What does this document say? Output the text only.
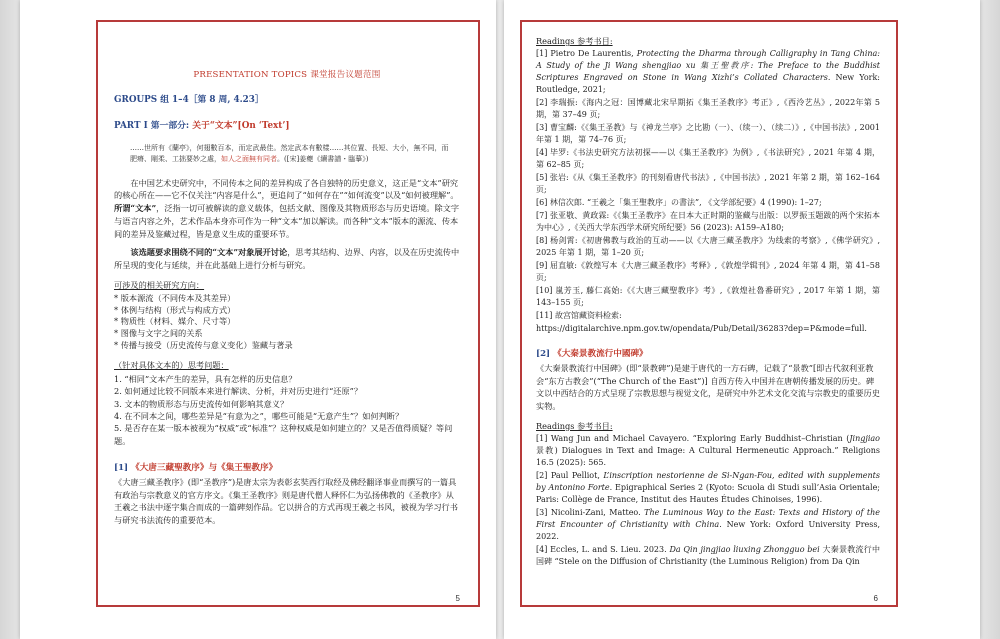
PRESENTATION TOPICS 课堂报告议题范围
GROUPS 组 1–4［第 8 周, 4.23］
PART I 第一部分: 关于“文本”[On ‘Text’]
……世所有《蘭亭》，何翅數百本，而定武最佳。然定武本有數樣……其位置、長短、大小，無不同，而肥瘠、剛柔、工拙要妙之處，如人之面無有同者。([宋]姜夔《續書譜・臨摹》)

　　在中国艺术史研究中，不同传本之间的差异构成了各自独特的历史意义，这正是“文本”研究的核心所在——它不仅关注“内容是什么”，更追问了“如何存在”“如何流变”以及“如何被理解”。所谓“文本”，泛指一切可被解读的意义载体，包括文献、图像及其物质形态与历史语境。除文字与语言内容之外，艺术作品本身亦可作为一种“文本”加以解读。而各种“文本”版本的源流、传本间的差异及鉴藏过程，皆是意义生成的重要环节。

　　该选题要求围绕不同的“文本”对象展开讨论，思考其结构、边界、内容，以及在历史流传中所呈现的变化与延续，并在此基础上进行分析与研究。

可涉及的相关研究方向：
* 版本源流（不同传本及其差异）
* 体例与结构（形式与构成方式）
* 物质性（材料、媒介、尺寸等）
* 图像与文字之间的关系
* 传播与接受（历史流传与意义变化）鉴藏与著录
（针对具体文本的）思考问题：

1. “相同”文本产生的差异，具有怎样的历史信息？

2. 如何通过比较不同版本来进行解读、分析，并对历史进行“还原”？

3. 文本的物质形态与历史流传如何影响其意义？

4. 在不同本之间，哪些差异是“有意为之”，哪些可能是“无意产生”？如何判断？

5. 是否存在某一版本被视为“权威”或“标准”？这种权威是如何建立的？又是否值得质疑？等问题。

[1] 《大唐三藏聖教序》与《集王聖教序》

《大唐三藏圣教序》(即“圣教序”)是唐太宗为表彰玄奘西行取经及佛经翻译事业而撰写的一篇具有政治与宗教意义的官方序文。《集王圣教序》则是唐代僧人释怀仁为弘扬佛教的《圣教序》从王羲之书法中逐字集合而成的一篇碑刻作品。它以拼合的方式再现王羲之书风，被视为学习行书与研究书法流传的重要范本。

5
Readings 参考书目:

[1] Pietro De Laurentis, Protecting the Dharma through Calligraphy in Tang China: A Study of the Ji Wang shengjiao xu 集王聖教序: The Preface to the Buddhist Scriptures Engraved on Stone in Wang Xizhi’s Collated Characters. New York: Routledge, 2021;

[2] 李瑞振:《海内之冠：国博藏北宋早期拓《集王圣教序》考正》,《西泠艺丛》, 2022年第 5 期，第 37–49 页;

[3] 曹宝麟:《《集王圣教》与《神龙兰亭》之比勘（一）、（续一）、（续二）》,《中国书法》, 2001 年第 1 期，第 74–76 页;

[4] 毕罗:《书法史研究方法初探——以《集王圣教序》为例》,《书法研究》, 2021 年第 4 期，第 62–85 页;

[5] 张岩:《从《集王圣教序》的刊刻看唐代书法》,《中国书法》, 2021 年第 2 期，第 162–164 页;

[6] 林信次郎. “王羲之「集王聖教序」の書法”, 《文学部紀要》4 (1990): 1–27;

[7] 张亚敬、黄政霖:《《集王圣教序》在日本大正时期的鉴藏与出版：以罗振玉题跋的两个宋拓本为中心》,《关西大学东西学术研究所纪要》56 (2023): A159–A180;

[8] 杨剑霄:《初唐佛教与政治的互动——以《大唐三藏圣教序》为线索的考察》,《佛学研究》, 2025 年第 1 期，第 1–20 页;

[9] 屈直敏:《敦煌写本《大唐三藏圣教序》考释》,《敦煌学辑刊》, 2024 年第 4 期，第 41–58 页;

[10] 嵐芳玉, 藤仁高始:《《大唐三藏聖教序》考》,《敦煌社魯番研究》, 2017 年第 1 期，第 143–155 页;

[11] 故宫馆藏资料检索:

https://digitalarchive.npm.gov.tw/opendata/Pub/Detail/36283?dep=P&mode=full.

[2] 《大秦景教流行中國碑》

《大秦景教流行中国碑》(即“景教碑”)是建于唐代的一方石碑，记载了“景教”[即古代叙利亚教会“东方古教会”(“The Church of the East”)] 自西方传入中国并在唐朝传播发展的历史。碑文以中西结合的方式呈现了宗教思想与视觉文化，是研究中外艺术文化交流与宗教史的重要历史实物。

Readings 参考书目:

[1] Wang Jun and Michael Cavayero. “Exploring Early Buddhist–Christian (Jingjiao 景教) Dialogues in Text and Image: A Cultural Hermeneutic Approach.” Religions 16.5 (2025): 565.

[2] Paul Pelliot, L’inscription nestorienne de Si-Ngan-Fou, edited with supplements by Antonino Forte. Epigraphical Series 2 (Kyoto: Scuola di Studi sull’Asia Orientale; Paris: Collège de France, Institut des Hautes Études Chinoises, 1996).

[3] Nicolini-Zani, Matteo. The Luminous Way to the East: Texts and History of the First Encounter of Christianity with China. New York: Oxford University Press, 2022.

[4] Eccles, L. and S. Lieu. 2023. Da Qin jingjiao liuxing Zhongguo bei 大秦景教流行中国碑 “Stele on the Diffusion of Christianity (the Luminous Religion) from Da Qin

6
